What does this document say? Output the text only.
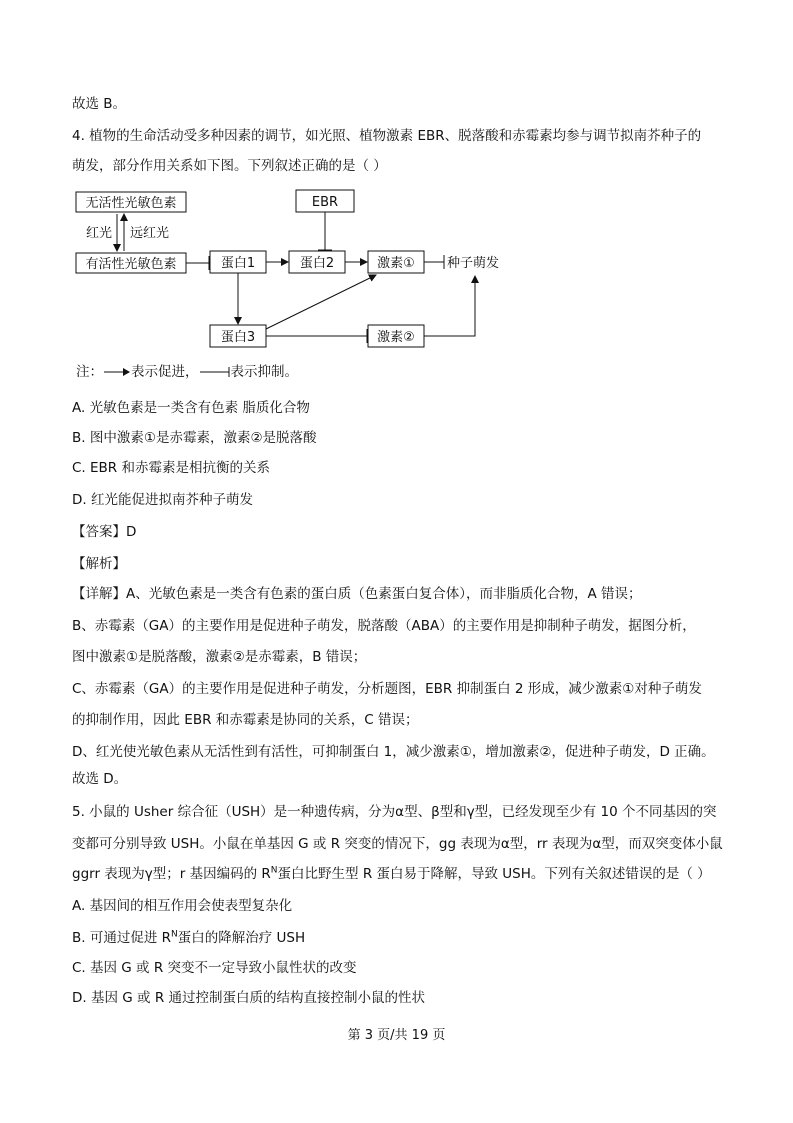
故选 B。
4. 植物的生命活动受多种因素的调节，如光照、植物激素 EBR、脱落酸和赤霉素均参与调节拟南芥种子的
萌发，部分作用关系如下图。下列叙述正确的是（ ）
无活性光敏色素
有活性光敏色素
EBR
蛋白1	蛋白2	激素① 种子萌发
蛋白3	激素②
红光 远红光
注： 表示促进， 表示抑制。
A. 光敏色素是一类含有色素 脂质化合物
B. 图中激素①是赤霉素，激素②是脱落酸
C. EBR 和赤霉素是相抗衡的关系
D. 红光能促进拟南芥种子萌发
【答案】D
【解析】
【详解】A、光敏色素是一类含有色素的蛋白质（色素蛋白复合体），而非脂质化合物，A 错误；
B、赤霉素（GA）的主要作用是促进种子萌发，脱落酸（ABA）的主要作用是抑制种子萌发，据图分析，
图中激素①是脱落酸，激素②是赤霉素，B 错误；
C、赤霉素（GA）的主要作用是促进种子萌发，分析题图，EBR 抑制蛋白 2 形成，减少激素①对种子萌发
的抑制作用，因此 EBR 和赤霉素是协同的关系，C 错误；
D、红光使光敏色素从无活性到有活性，可抑制蛋白 1，减少激素①，增加激素②，促进种子萌发，D 正确。
故选 D。
5. 小鼠的 Usher 综合征（USH）是一种遗传病，分为α型、β型和γ型，已经发现至少有 10 个不同基因的突
变都可分别导致 USH。小鼠在单基因 G 或 R 突变的情况下，gg 表现为α型，rr 表现为α型，而双突变体小鼠
ggrr 表现为γ型；r 基因编码的 $R^N$蛋白比野生型 R 蛋白易于降解，导致 USH。下列有关叙述错误的是（ ）
A. 基因间的相互作用会使表型复杂化
B. 可通过促进 $R^N$蛋白的降解治疗 USH
C. 基因 G 或 R 突变不一定导致小鼠性状的改变
D. 基因 G 或 R 通过控制蛋白质的结构直接控制小鼠的性状
第 3 页/共 19 页
